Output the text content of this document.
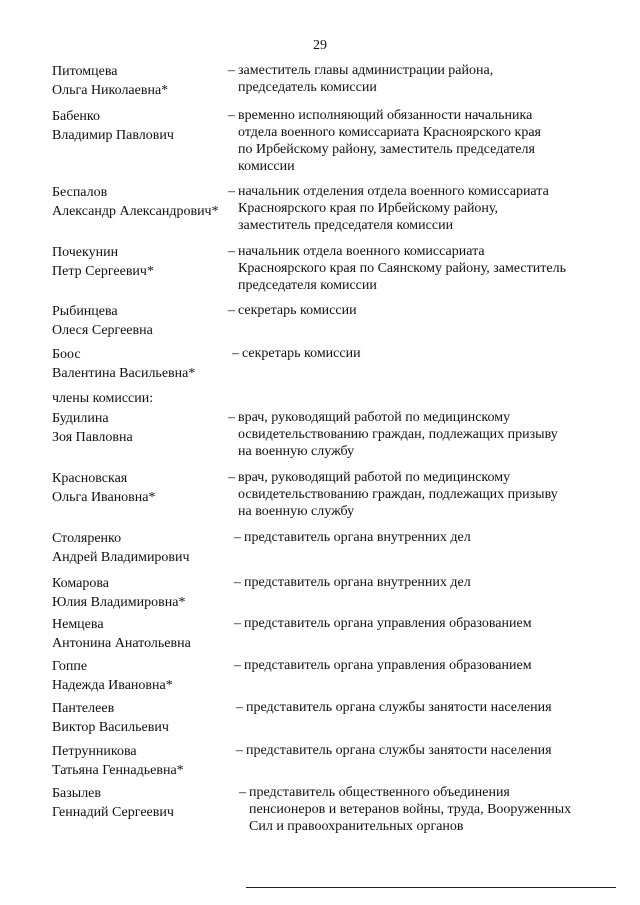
29
Питомцева
Ольга Николаевна*
– заместитель главы администрации района,
председатель комиссии
Бабенко
Владимир Павлович
– временно исполняющий обязанности начальника
отдела военного комиссариата Красноярского края
по Ирбейскому району, заместитель председателя
комиссии
Беспалов
Александр Александрович*
– начальник отделения отдела военного комиссариата
Красноярского края по Ирбейскому району,
заместитель председателя комиссии
Почекунин
Петр Сергеевич*
– начальник отдела военного комиссариата
Красноярского края по Саянскому району, заместитель
председателя комиссии
Рыбинцева
Олеся Сергеевна
– секретарь комиссии
Боос
Валентина Васильевна*
– секретарь комиссии
Будилина
Зоя Павловна
– врач, руководящий работой по медицинскому
освидетельствованию граждан, подлежащих призыву
на военную службу
Красновская
Ольга Ивановна*
– врач, руководящий работой по медицинскому
освидетельствованию граждан, подлежащих призыву
на военную службу
Столяренко
Андрей Владимирович
– представитель органа внутренних дел
Комарова
Юлия Владимировна*
– представитель органа внутренних дел
Немцева
Антонина Анатольевна
– представитель органа управления образованием
Гоппе
Надежда Ивановна*
– представитель органа управления образованием
Пантелеев
Виктор Васильевич
– представитель органа службы занятости населения
Петрунникова
Татьяна Геннадьевна*
– представитель органа службы занятости населения
Базылев
Геннадий Сергеевич
– представитель общественного объединения
пенсионеров и ветеранов войны, труда, Вооруженных
Сил и правоохранительных органов
члены комиссии:
